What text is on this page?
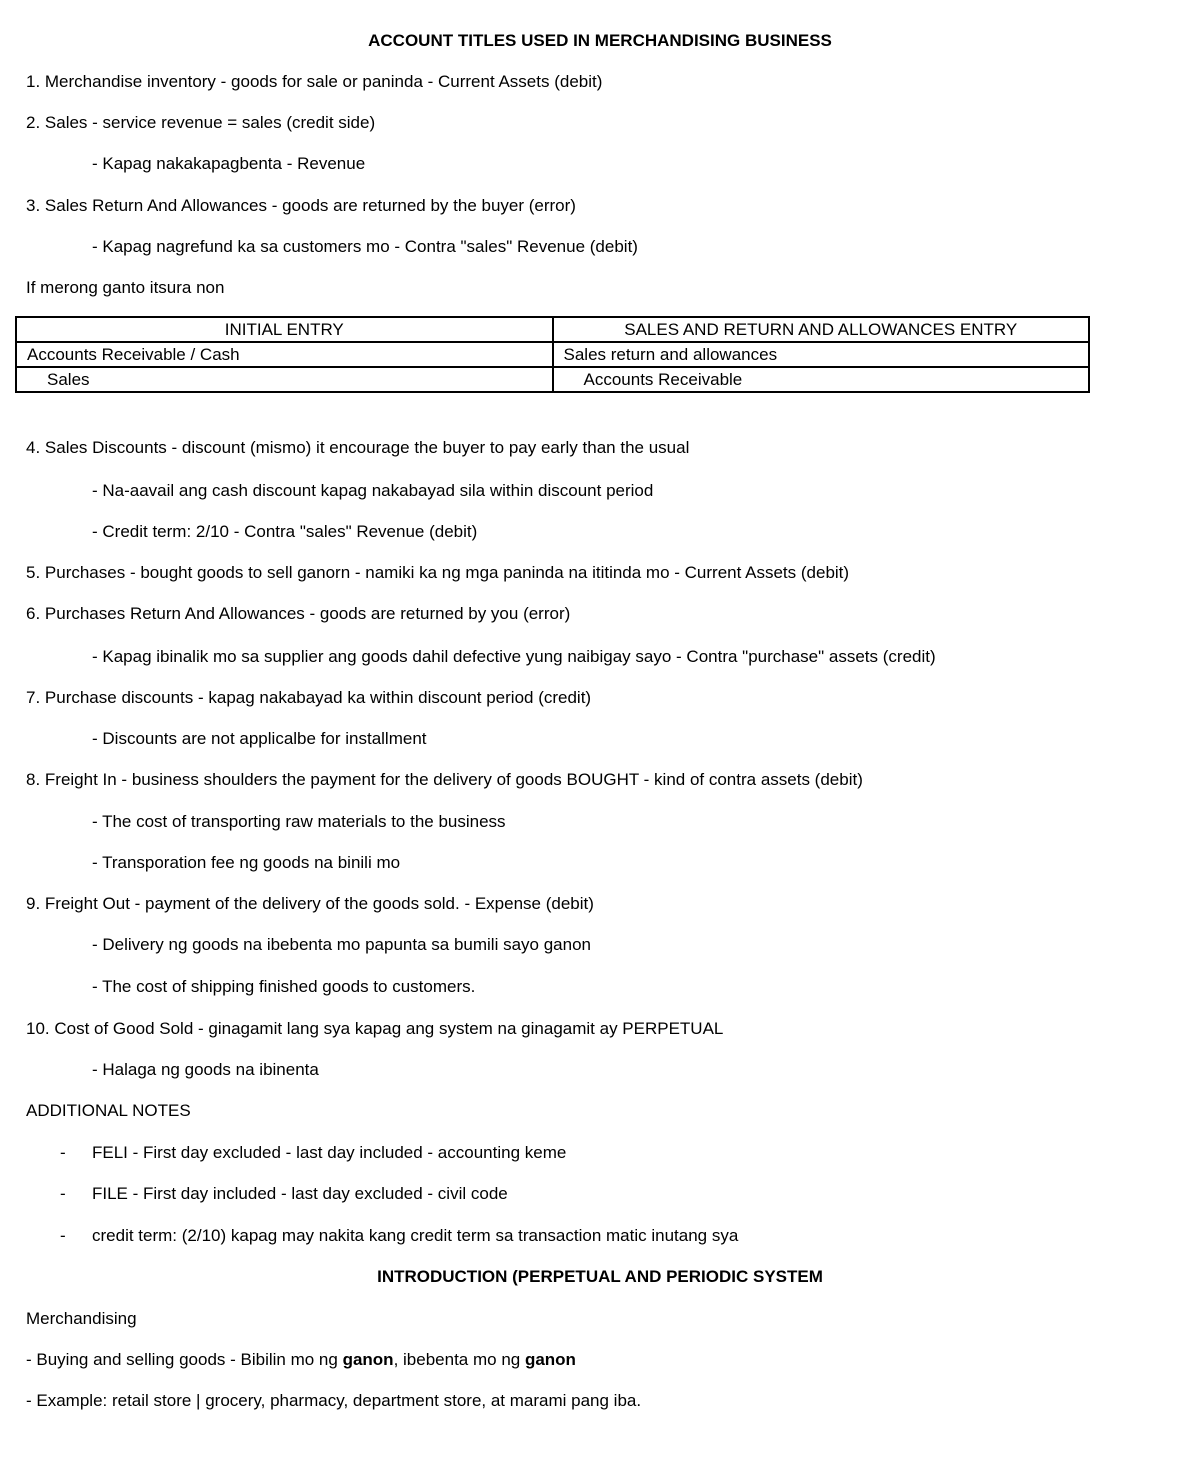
ACCOUNT TITLES USED IN MERCHANDISING BUSINESS
1. Merchandise inventory - goods for sale or paninda - Current Assets (debit)
2. Sales - service revenue = sales (credit side)
- Kapag nakakapagbenta - Revenue
3. Sales Return And Allowances - goods are returned by the buyer (error)
- Kapag nagrefund ka sa customers mo - Contra "sales" Revenue (debit)
If merong ganto itsura non
INITIAL ENTRY	SALES AND RETURN AND ALLOWANCES ENTRY
Accounts Receivable / Cash	Sales return and allowances
Sales	Accounts Receivable
4. Sales Discounts - discount (mismo) it encourage the buyer to pay early than the usual
- Na-aavail ang cash discount kapag nakabayad sila within discount period
- Credit term: 2/10 - Contra "sales" Revenue (debit)
5. Purchases - bought goods to sell ganorn - namiki ka ng mga paninda na ititinda mo - Current Assets (debit)
6. Purchases Return And Allowances - goods are returned by you (error)
- Kapag ibinalik mo sa supplier ang goods dahil defective yung naibigay sayo - Contra "purchase" assets (credit)
7. Purchase discounts - kapag nakabayad ka within discount period (credit)
- Discounts are not applicalbe for installment
8. Freight In - business shoulders the payment for the delivery of goods BOUGHT - kind of contra assets (debit)
- The cost of transporting raw materials to the business
- Transporation fee ng goods na binili mo
9. Freight Out - payment of the delivery of the goods sold. - Expense (debit)
- Delivery ng goods na ibebenta mo papunta sa bumili sayo ganon
- The cost of shipping finished goods to customers.
10. Cost of Good Sold - ginagamit lang sya kapag ang system na ginagamit ay PERPETUAL
- Halaga ng goods na ibinenta
ADDITIONAL NOTES
- FELI - First day excluded - last day included - accounting keme
- FILE - First day included - last day excluded - civil code
- credit term: (2/10) kapag may nakita kang credit term sa transaction matic inutang sya
INTRODUCTION (PERPETUAL AND PERIODIC SYSTEM
Merchandising
- Buying and selling goods - Bibilin mo ng ganon, ibebenta mo ng ganon
- Example: retail store | grocery, pharmacy, department store, at marami pang iba.
